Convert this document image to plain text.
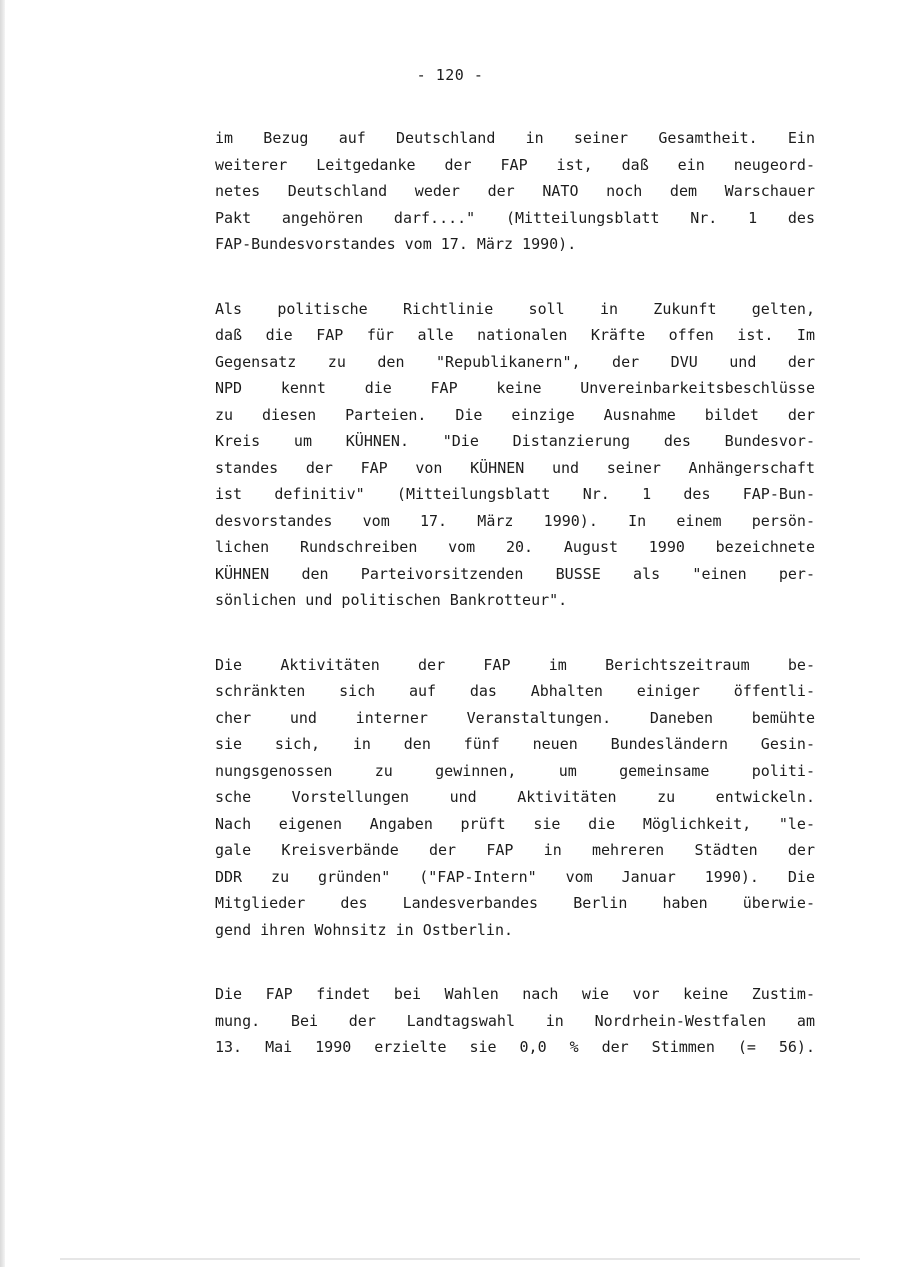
- 120 -
im Bezug auf Deutschland in seiner Gesamtheit. Ein
weiterer Leitgedanke der FAP ist, daß ein neugeord-
netes Deutschland weder der NATO noch dem Warschauer
Pakt angehören darf...." (Mitteilungsblatt Nr. 1 des
FAP-Bundesvorstandes vom 17. März 1990).
Als politische Richtlinie soll in Zukunft gelten,
daß die FAP für alle nationalen Kräfte offen ist. Im
Gegensatz zu den "Republikanern", der DVU und der
NPD kennt die FAP keine Unvereinbarkeitsbeschlüsse
zu diesen Parteien. Die einzige Ausnahme bildet der
Kreis um KÜHNEN. "Die Distanzierung des Bundesvor-
standes der FAP von KÜHNEN und seiner Anhängerschaft
ist definitiv" (Mitteilungsblatt Nr. 1 des FAP-Bun-
desvorstandes vom 17. März 1990). In einem persön-
lichen Rundschreiben vom 20. August 1990 bezeichnete
KÜHNEN den Parteivorsitzenden BUSSE als "einen per-
sönlichen und politischen Bankrotteur".
Die Aktivitäten der FAP im Berichtszeitraum be-
schränkten sich auf das Abhalten einiger öffentli-
cher und interner Veranstaltungen. Daneben bemühte
sie sich, in den fünf neuen Bundesländern Gesin-
nungsgenossen zu gewinnen, um gemeinsame politi-
sche Vorstellungen und Aktivitäten zu entwickeln.
Nach eigenen Angaben prüft sie die Möglichkeit, "le-
gale Kreisverbände der FAP in mehreren Städten der
DDR zu gründen" ("FAP-Intern" vom Januar 1990). Die
Mitglieder des Landesverbandes Berlin haben überwie-
gend ihren Wohnsitz in Ostberlin.
Die FAP findet bei Wahlen nach wie vor keine Zustim-
mung. Bei der Landtagswahl in Nordrhein-Westfalen am
13. Mai 1990 erzielte sie 0,0 % der Stimmen (= 56).
